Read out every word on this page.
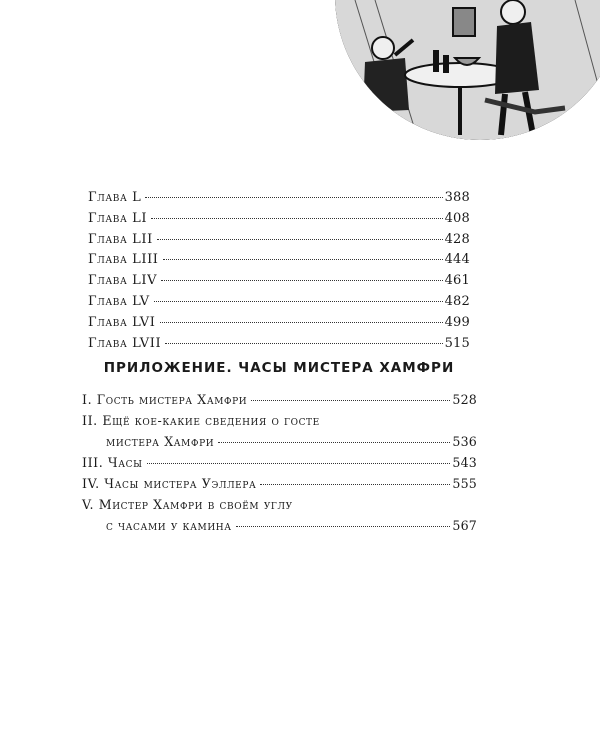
Глава L	388
Глава LI	408
Глава LII	428
Глава LIII	444
Глава LIV	461
Глава LV	482
Глава LVI	499
Глава LVII	515
ПРИЛОЖЕНИЕ. ЧАСЫ МИСТЕРА ХАМФРИ
I. Гость мистера Хамфри	528
II. Ещё кое-какие сведения о госте
мистера Хамфри	536
III. Часы	543
IV. Часы мистера Уэллера	555
V. Мистер Хамфри в своём углу
с часами у камина	567
